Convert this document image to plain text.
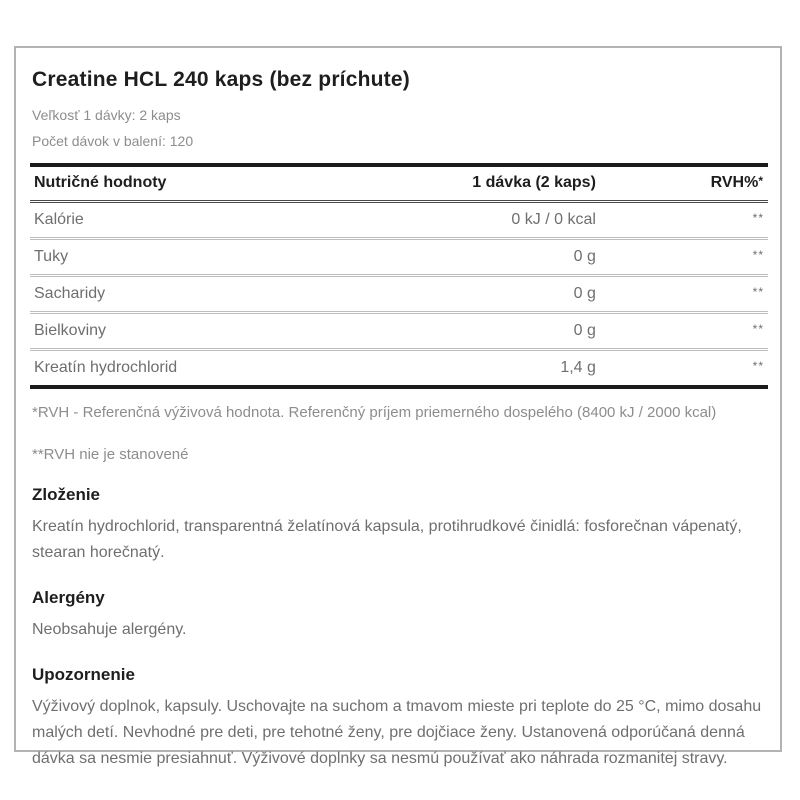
Creatine HCL 240 kaps (bez príchute)
Veľkosť 1 dávky: 2 kaps
Počet dávok v balení: 120
Nutričné hodnoty	1 dávka (2 kaps)	RVH%*
Kalórie	0 kJ / 0 kcal	**
Tuky	0 g	**
Sacharidy	0 g	**
Bielkoviny	0 g	**
Kreatín hydrochlorid	1,4 g	**
*RVH - Referenčná výživová hodnota. Referenčný príjem priemerného dospelého (8400 kJ / 2000 kcal)
**RVH nie je stanovené
Zloženie
Kreatín hydrochlorid, transparentná želatínová kapsula, protihrudkové činidlá: fosforečnan vápenatý, stearan horečnatý.
Alergény
Neobsahuje alergény.
Upozornenie
Výživový doplnok, kapsuly. Uschovajte na suchom a tmavom mieste pri teplote do 25 °C, mimo dosahu malých detí. Nevhodné pre deti, pre tehotné ženy, pre dojčiace ženy. Ustanovená odporúčaná denná dávka sa nesmie presiahnuť. Výživové doplnky sa nesmú používať ako náhrada rozmanitej stravy.
